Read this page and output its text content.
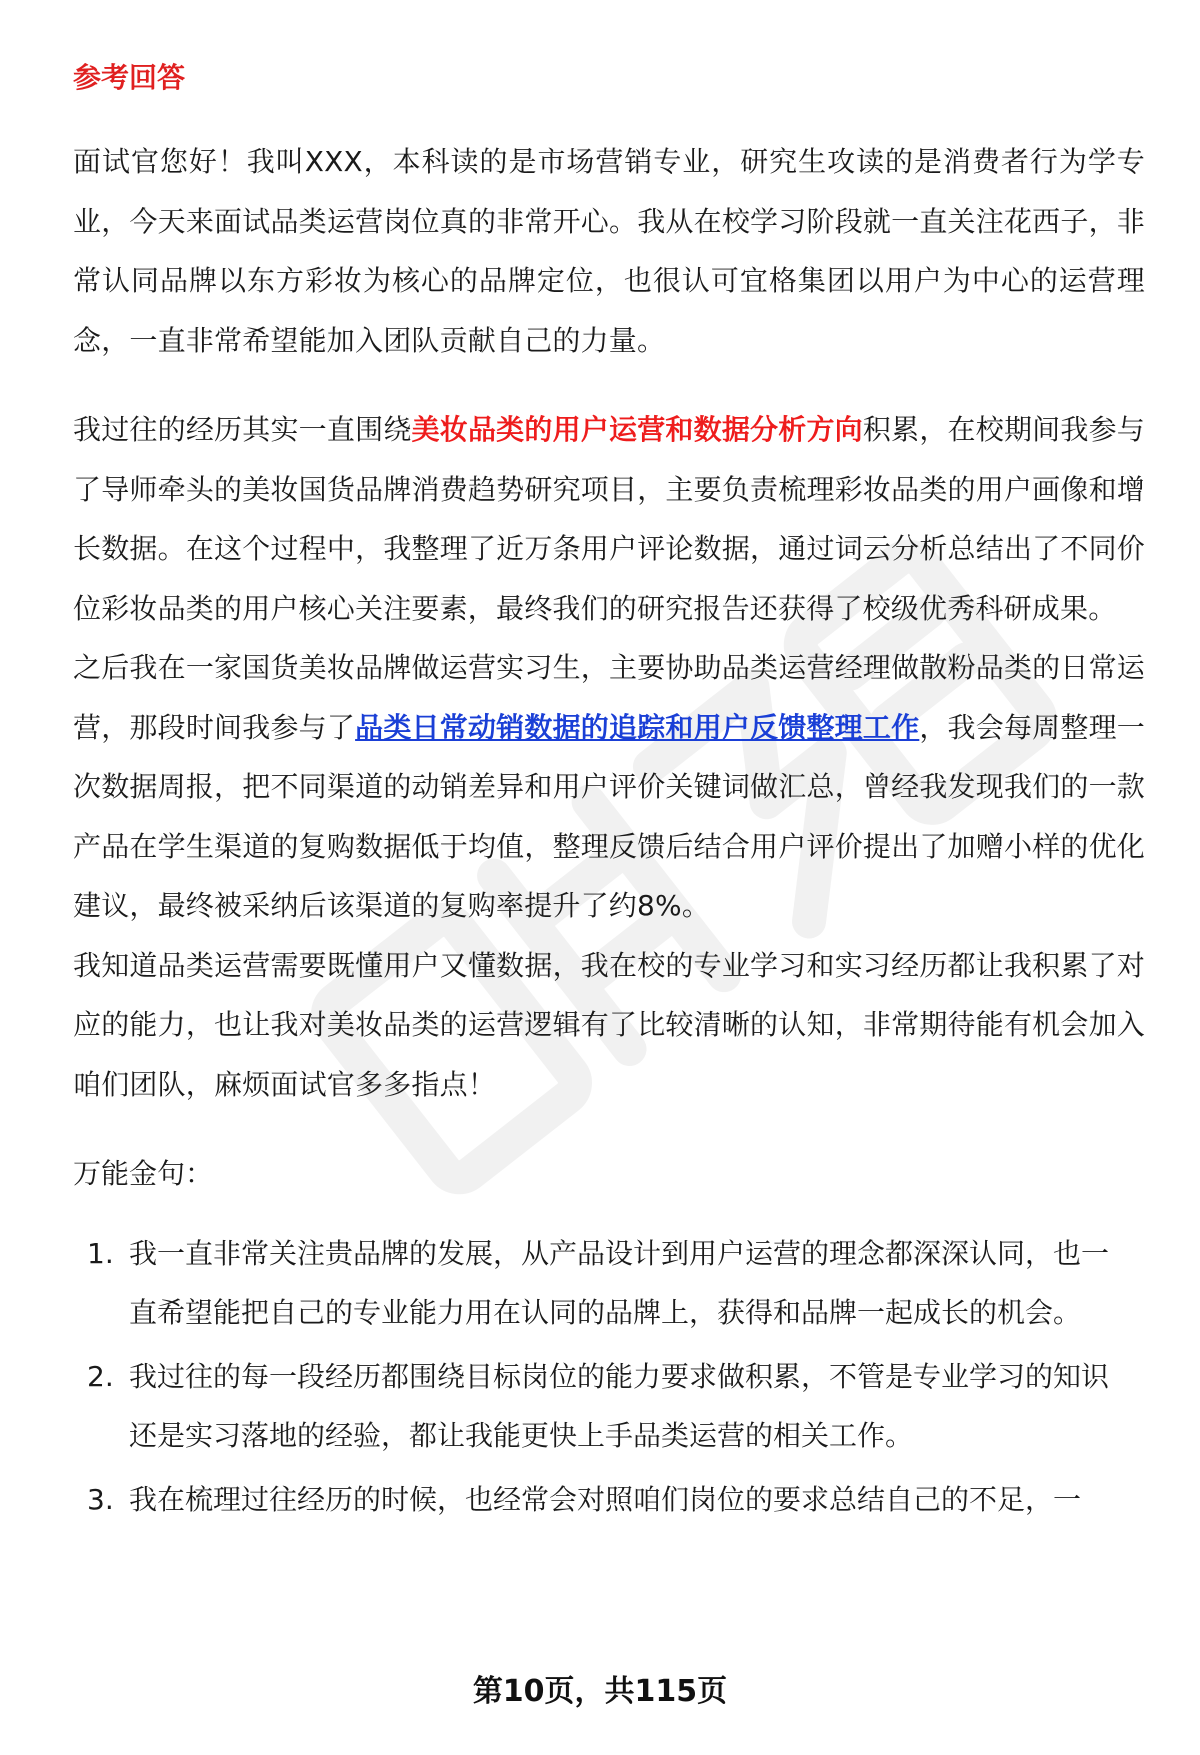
参考回答

面试官您好！我叫XXX，本科读的是市场营销专业，研究生攻读的是消费者行为学专业，今天来面试品类运营岗位真的非常开心。我从在校学习阶段就一直关注花西子，非常认同品牌以东方彩妆为核心的品牌定位，也很认可宜格集团以用户为中心的运营理念，一直非常希望能加入团队贡献自己的力量。

我过往的经历其实一直围绕美妆品类的用户运营和数据分析方向积累，在校期间我参与了导师牵头的美妆国货品牌消费趋势研究项目，主要负责梳理彩妆品类的用户画像和增长数据。在这个过程中，我整理了近万条用户评论数据，通过词云分析总结出了不同价位彩妆品类的用户核心关注要素，最终我们的研究报告还获得了校级优秀科研成果。

之后我在一家国货美妆品牌做运营实习生，主要协助品类运营经理做散粉品类的日常运营，那段时间我参与了品类日常动销数据的追踪和用户反馈整理工作，我会每周整理一次数据周报，把不同渠道的动销差异和用户评价关键词做汇总，曾经我发现我们的一款产品在学生渠道的复购数据低于均值，整理反馈后结合用户评价提出了加赠小样的优化建议，最终被采纳后该渠道的复购率提升了约8%。

我知道品类运营需要既懂用户又懂数据，我在校的专业学习和实习经历都让我积累了对应的能力，也让我对美妆品类的运营逻辑有了比较清晰的认知，非常期待能有机会加入咱们团队，麻烦面试官多多指点！

万能金句：

1. 我一直非常关注贵品牌的发展，从产品设计到用户运营的理念都深深认同，也一直希望能把自己的专业能力用在认同的品牌上，获得和品牌一起成长的机会。
2. 我过往的每一段经历都围绕目标岗位的能力要求做积累，不管是专业学习的知识还是实习落地的经验，都让我能更快上手品类运营的相关工作。
3. 我在梳理过往经历的时候，也经常会对照咱们岗位的要求总结自己的不足，一
第10页，共115页
